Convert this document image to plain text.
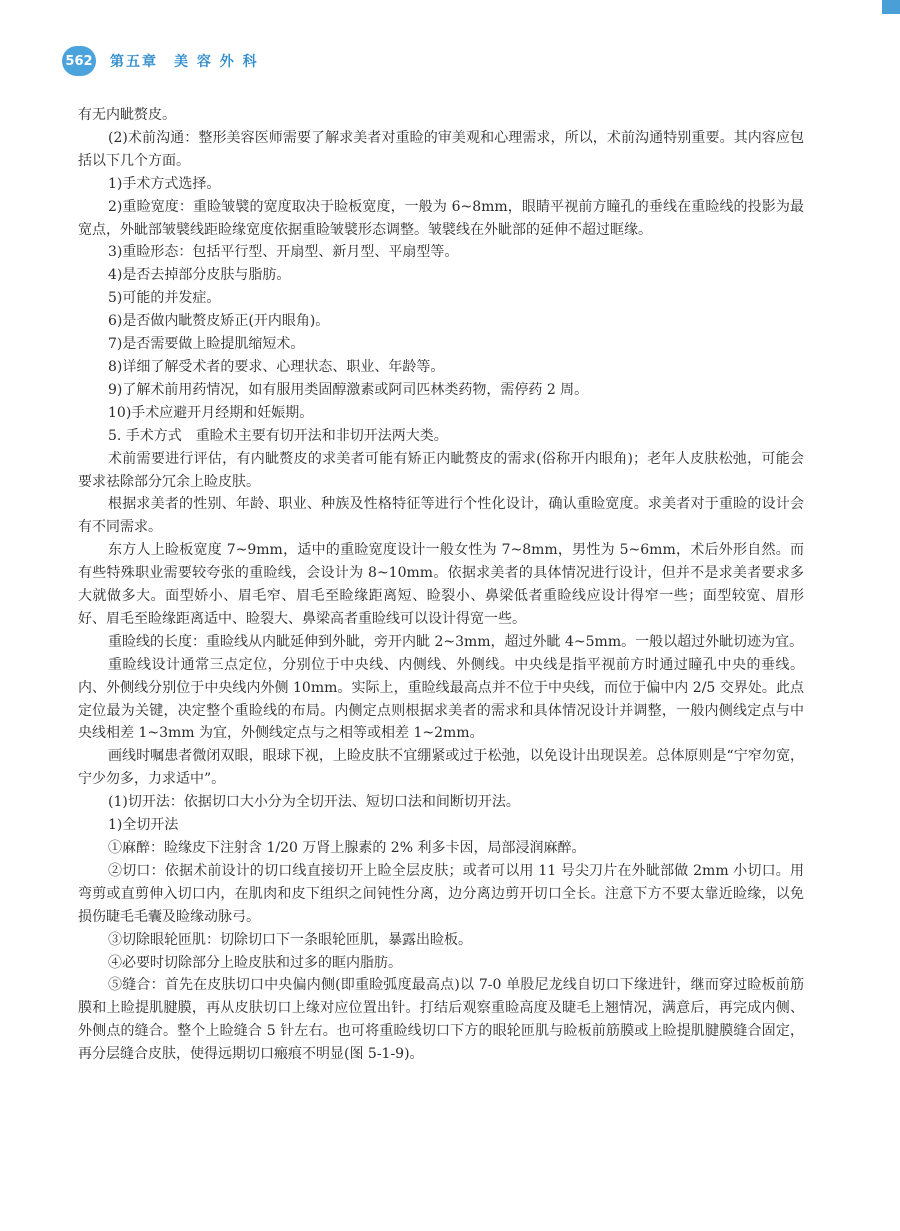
562 第五章　美 容 外 科

有无内眦赘皮。

(2)术前沟通：整形美容医师需要了解求美者对重睑的审美观和心理需求，所以，术前沟通特别重要。其内容应包括以下几个方面。

1)手术方式选择。

2)重睑宽度：重睑皱襞的宽度取决于睑板宽度，一般为 6~8mm，眼睛平视前方瞳孔的垂线在重睑线的投影为最宽点，外眦部皱襞线距睑缘宽度依据重睑皱襞形态调整。皱襞线在外眦部的延伸不超过眶缘。

3)重睑形态：包括平行型、开扇型、新月型、平扇型等。

4)是否去掉部分皮肤与脂肪。

5)可能的并发症。

6)是否做内眦赘皮矫正(开内眼角)。

7)是否需要做上睑提肌缩短术。

8)详细了解受术者的要求、心理状态、职业、年龄等。

9)了解术前用药情况，如有服用类固醇激素或阿司匹林类药物，需停药 2 周。

10)手术应避开月经期和妊娠期。

5. 手术方式　重睑术主要有切开法和非切开法两大类。

术前需要进行评估，有内眦赘皮的求美者可能有矫正内眦赘皮的需求(俗称开内眼角)；老年人皮肤松弛，可能会要求祛除部分冗余上睑皮肤。

根据求美者的性别、年龄、职业、种族及性格特征等进行个性化设计，确认重睑宽度。求美者对于重睑的设计会有不同需求。

东方人上睑板宽度 7~9mm，适中的重睑宽度设计一般女性为 7~8mm，男性为 5~6mm，术后外形自然。而有些特殊职业需要较夸张的重睑线，会设计为 8~10mm。依据求美者的具体情况进行设计，但并不是求美者要求多大就做多大。面型娇小、眉毛窄、眉毛至睑缘距离短、睑裂小、鼻梁低者重睑线应设计得窄一些；面型较宽、眉形好、眉毛至睑缘距离适中、睑裂大、鼻梁高者重睑线可以设计得宽一些。

重睑线的长度：重睑线从内眦延伸到外眦，旁开内眦 2~3mm，超过外眦 4~5mm。一般以超过外眦切迹为宜。

重睑线设计通常三点定位，分别位于中央线、内侧线、外侧线。中央线是指平视前方时通过瞳孔中央的垂线。内、外侧线分别位于中央线内外侧 10mm。实际上，重睑线最高点并不位于中央线，而位于偏中内 2/5 交界处。此点定位最为关键，决定整个重睑线的布局。内侧定点则根据求美者的需求和具体情况设计并调整，一般内侧线定点与中央线相差 1~3mm 为宜，外侧线定点与之相等或相差 1~2mm。

画线时嘱患者微闭双眼，眼球下视，上睑皮肤不宜绷紧或过于松弛，以免设计出现误差。总体原则是“宁窄勿宽，宁少勿多，力求适中”。

(1)切开法：依据切口大小分为全切开法、短切口法和间断切开法。

1)全切开法

①麻醉：睑缘皮下注射含 1/20 万肾上腺素的 2% 利多卡因，局部浸润麻醉。

②切口：依据术前设计的切口线直接切开上睑全层皮肤；或者可以用 11 号尖刀片在外眦部做 2mm 小切口。用弯剪或直剪伸入切口内，在肌肉和皮下组织之间钝性分离，边分离边剪开切口全长。注意下方不要太靠近睑缘，以免损伤睫毛毛囊及睑缘动脉弓。

③切除眼轮匝肌：切除切口下一条眼轮匝肌，暴露出睑板。

④必要时切除部分上睑皮肤和过多的眶内脂肪。

⑤缝合：首先在皮肤切口中央偏内侧(即重睑弧度最高点)以 7-0 单股尼龙线自切口下缘进针，继而穿过睑板前筋膜和上睑提肌腱膜，再从皮肤切口上缘对应位置出针。打结后观察重睑高度及睫毛上翘情况，满意后，再完成内侧、外侧点的缝合。整个上睑缝合 5 针左右。也可将重睑线切口下方的眼轮匝肌与睑板前筋膜或上睑提肌腱膜缝合固定，再分层缝合皮肤，使得远期切口瘢痕不明显(图 5-1-9)。
